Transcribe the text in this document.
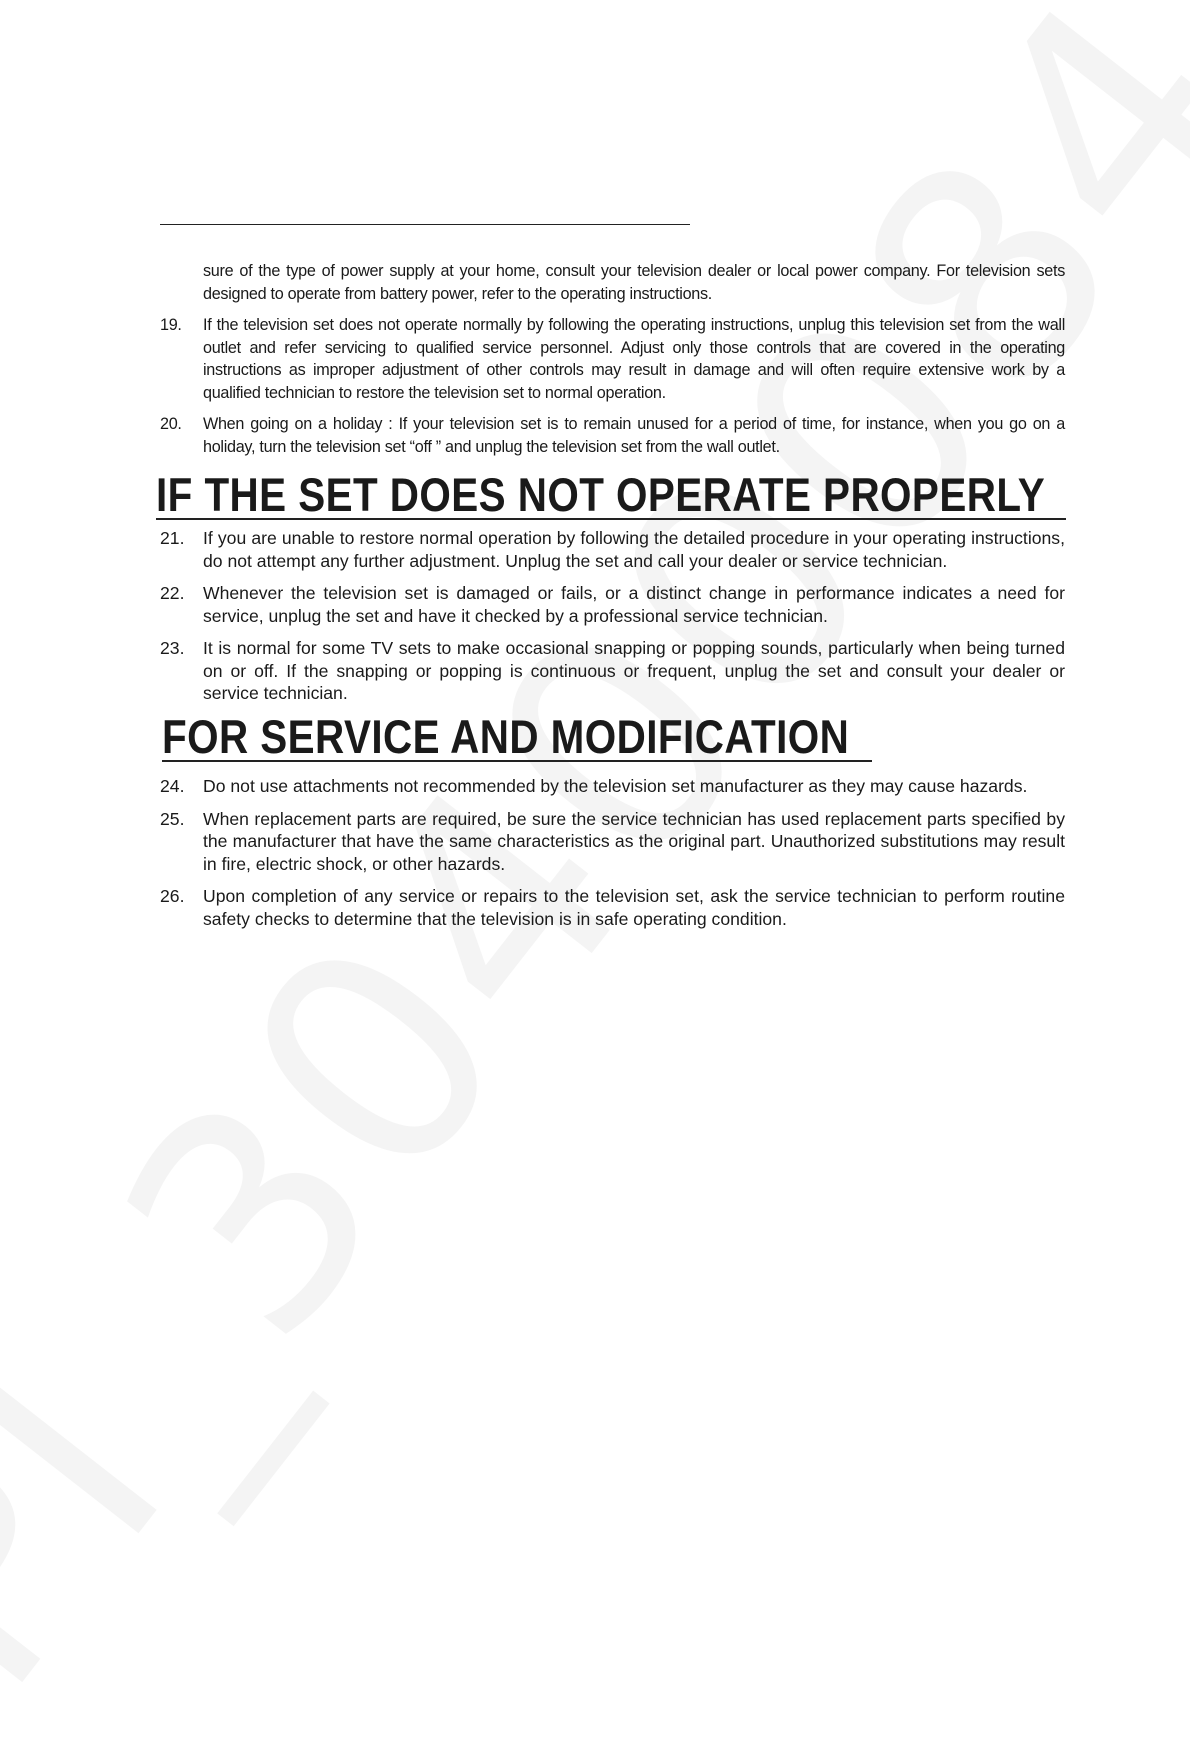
sure of the type of power supply at your home, consult your television dealer or local power company. For television sets designed to operate from battery power, refer to the operating instructions.
19.	If the television set does not operate normally by following the operating instructions, unplug this television set from the wall outlet and refer servicing to qualified service personnel. Adjust only those controls that are covered in the operating instructions as improper adjustment of other controls may result in damage and will often require extensive work by a qualified technician to restore the television set to normal operation.
20.	When going on a holiday : If your television set is to remain unused for a period of time, for instance, when you go on a holiday, turn the television set “off ” and unplug the television set from the wall outlet.
IF THE SET DOES NOT OPERATE PROPERLY
21.	If you are unable to restore normal operation by following the detailed procedure in your operating instructions, do not attempt any further adjustment. Unplug the set and call your dealer or service technician.
22.	Whenever the television set is damaged or fails, or a distinct change in performance indicates a need for service, unplug the set and have it checked by a professional service technician.
23.	It is normal for some TV sets to make occasional snapping or popping sounds, particularly when being turned on or off. If the snapping or popping is continuous or frequent, unplug the set and consult your dealer or service technician.
FOR SERVICE AND MODIFICATION
24.	Do not use attachments not recommended by the television set manufacturer as they may cause hazards.
25.	When replacement parts are required, be sure the service technician has used replacement parts specified by the manufacturer that have the same characteristics as the original part. Unauthorized substitutions may result in fire, electric shock, or other hazards.
26.	Upon completion of any service or repairs to the television set, ask the service technician to perform routine safety checks to determine that the television is in safe operating condition.
